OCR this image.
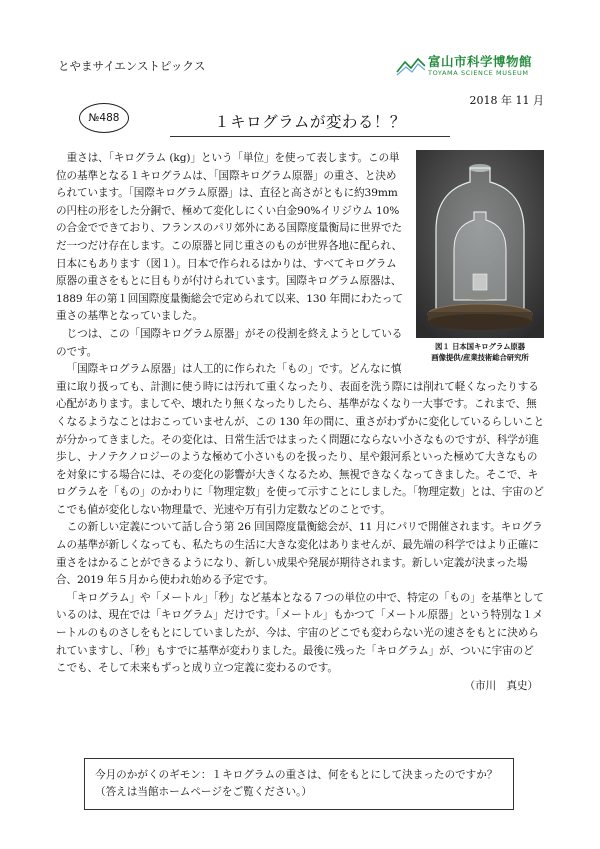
とやまサイエンストピックス	富山市科学博物館
TOYAMA SCIENCE MUSEUM
2018 年 11 月
№488	１キログラムが変わる！？
図１ 日本国キログラム原器
画像提供/産業技術総合研究所

重さは、「キログラム (kg)」という「単位」を使って表します。この単位の基準となる１キログラムは、「国際キログラム原器」の重さ、と決められています。「国際キログラム原器」は、直径と高さがともに約39mm の円柱の形をした分銅で、極めて変化しにくい白金90%イリジウム 10%の合金でできており、フランスのパリ郊外にある国際度量衡局に世界でただ一つだけ存在します。この原器と同じ重さのものが世界各地に配られ、日本にもあります（図１）。日本で作られるはかりは、すべてキログラム原器の重さをもとに目もりが付けられています。国際キログラム原器は、1889 年の第１回国際度量衡総会で定められて以来、130 年間にわたって重さの基準となっていました。

じつは、この「国際キログラム原器」がその役割を終えようとしているのです。

「国際キログラム原器」は人工的に作られた「もの」です。どんなに慎重に取り扱っても、計測に使う時には汚れて重くなったり、表面を洗う際には削れて軽くなったりする心配があります。ましてや、壊れたり無くなったりしたら、基準がなくなり一大事です。これまで、無くなるようなことはおこっていませんが、この 130 年の間に、重さがわずかに変化しているらしいことが分かってきました。その変化は、日常生活ではまったく問題にならない小さなものですが、科学が進歩し、ナノテクノロジーのような極めて小さいものを扱ったり、星や銀河系といった極めて大きなものを対象にする場合には、その変化の影響が大きくなるため、無視できなくなってきました。そこで、キログラムを「もの」のかわりに「物理定数」を使って示すことにしました。「物理定数」とは、宇宙のどこでも値が変化しない物理量で、光速や万有引力定数などのことです。

この新しい定義について話し合う第 26 回国際度量衡総会が、11 月にパリで開催されます。キログラムの基準が新しくなっても、私たちの生活に大きな変化はありませんが、最先端の科学ではより正確に重さをはかることができるようになり、新しい成果や発展が期待されます。新しい定義が決まった場合、2019 年５月から使われ始める予定です。

「キログラム」や「メートル」「秒」など基本となる７つの単位の中で、特定の「もの」を基準としているのは、現在では「キログラム」だけです。「メートル」もかつて「メートル原器」という特別な１メートルのものさしをもとにしていましたが、今は、宇宙のどこでも変わらない光の速さをもとに決められていますし、「秒」もすでに基準が変わりました。最後に残った「キログラム」が、ついに宇宙のどこでも、そして未来もずっと成り立つ定義に変わるのです。

（市川　真史）
今月のかがくのギモン：１キログラムの重さは、何をもとにして決まったのですか？
（答えは当館ホームページをご覧ください。）
